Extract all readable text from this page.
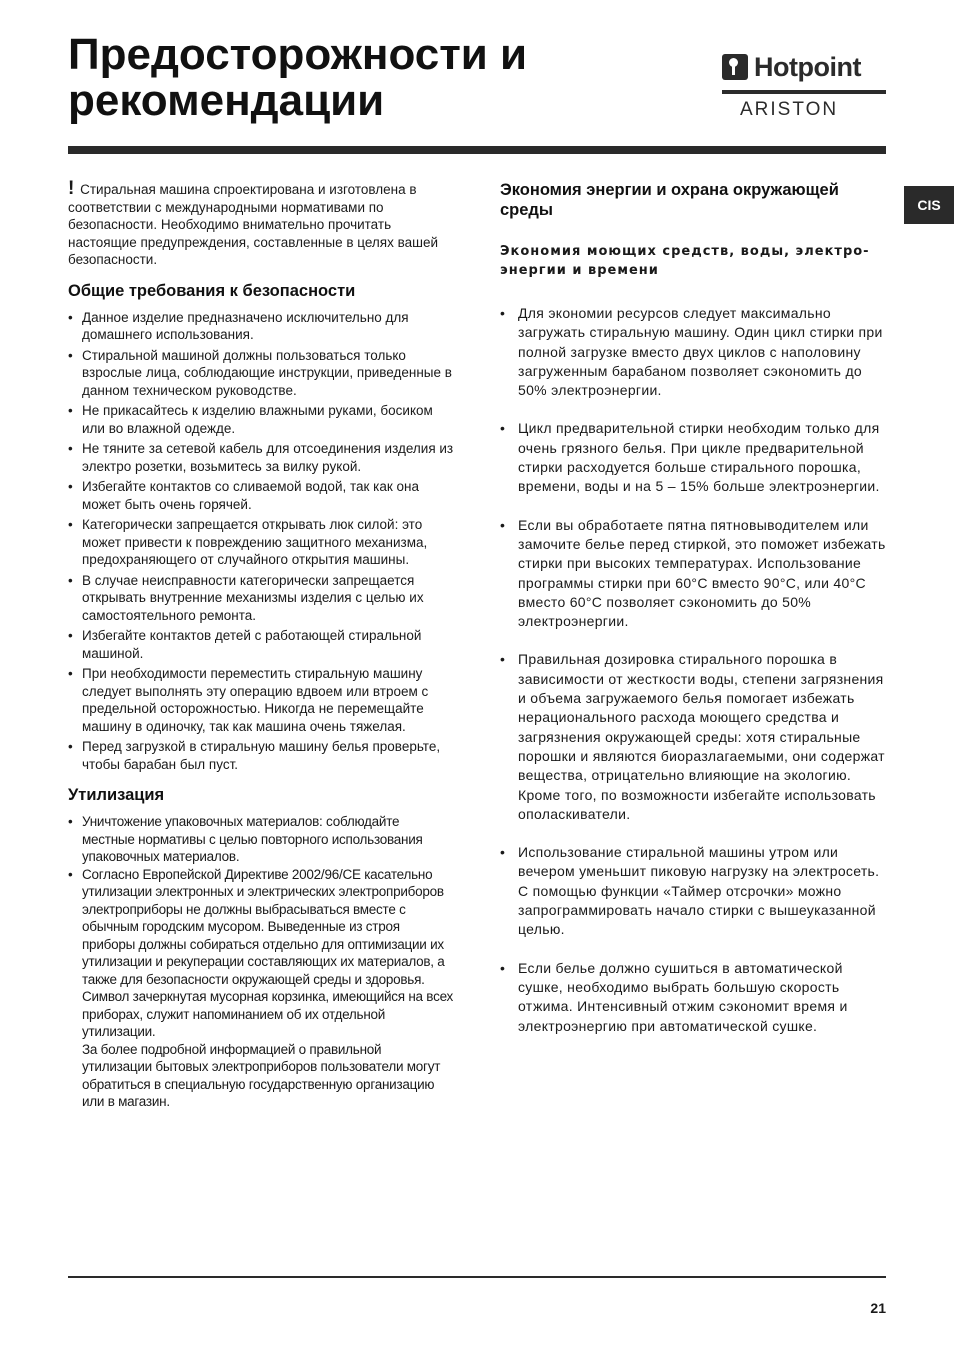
Предосторожности и
рекомендации
Hotpoint
ARISTON
CIS

! Стиральная машина спроектирована и изготовлена в соответствии с международными нормативами по безопасности. Необходимо внимательно прочитать настоящие предупреждения, составленные в целях вашей безопасности.

Общие требования к безопасности
• Данное изделие предназначено исключительно для домашнего использования.
• Стиральной машиной должны пользоваться только взрослые лица, соблюдающие инструкции, приведенные в данном техническом руководстве.
• Не прикасайтесь к изделию влажными руками, босиком или во влажной одежде.
• Не тяните за сетевой кабель для отсоединения изделия из электро розетки, возьмитесь за вилку рукой.
• Избегайте контактов со сливаемой водой, так как она может быть очень горячей.
• Категорически запрещается открывать люк силой: это может привести к повреждению защитного механизма, предохраняющего от случайного открытия машины.
• В случае неисправности категорически запрещается открывать внутренние механизмы изделия с целью их самостоятельного ремонта.
• Избегайте контактов детей с работающей стиральной машиной.
• При необходимости переместить стиральную машину следует выполнять эту операцию вдвоем или втроем с предельной осторожностью. Никогда не перемещайте машину в одиночку, так как машина очень тяжелая.
• Перед загрузкой в стиральную машину белья проверьте, чтобы барабан был пуст.
Утилизация
• Уничтожение упаковочных материалов: соблюдайте местные нормативы с целью повторного использования упаковочных материалов.
• Согласно Европейской Директиве 2002/96/CE касательно утилизации электронных и электрических электроприборов электроприборы не должны выбрасываться вместе с обычным городским мусором. Выведенные из строя приборы должны собираться отдельно для оптимизации их утилизации и рекуперации составляющих их материалов, а также для безопасности окружающей среды и здоровья. Символ зачеркнутая мусорная корзинка, имеющийся на всех приборах, служит напоминанием об их отдельной утилизации.
За более подробной информацией о правильной утилизации бытовых электроприборов пользователи могут обратиться в специальную государственную организацию или в магазин.
Экономия энергии и охрана окружающей среды
Экономия моющих средств, воды, электро-энергии и времени
• Для экономии ресурсов следует максимально загружать стиральную машину. Один цикл стирки при полной загрузке вместо двух циклов с наполовину загруженным барабаном позволяет сэкономить до 50% электроэнергии.
• Цикл предварительной стирки необходим только для очень грязного белья. При цикле предварительной стирки расходуется больше стирального порошка, времени, воды и на 5 – 15% больше электроэнергии.
• Если вы обработаете пятна пятновыводителем или замочите белье перед стиркой, это поможет избежать стирки при высоких температурах. Использование программы стирки при 60°C вместо 90°C, или 40°C вместо 60°C позволяет сэкономить до 50% электроэнергии.
• Правильная дозировка стирального порошка в зависимости от жесткости воды, степени загрязнения и объема загружаемого белья помогает избежать нерационального расхода моющего средства и загрязнения окружающей среды: хотя стиральные порошки и являются биоразлагаемыми, они содержат вещества, отрицательно влияющие на экологию. Кроме того, по возможности избегайте использовать ополаскиватели.
• Использование стиральной машины утром или вечером уменьшит пиковую нагрузку на электросеть. С помощью функции «Таймер отсрочки» можно запрограммировать начало стирки с вышеуказанной целью.
• Если белье должно сушиться в автоматической сушке, необходимо выбрать большую скорость отжима. Интенсивный отжим сэкономит время и электроэнергию при автоматической сушке.
21
